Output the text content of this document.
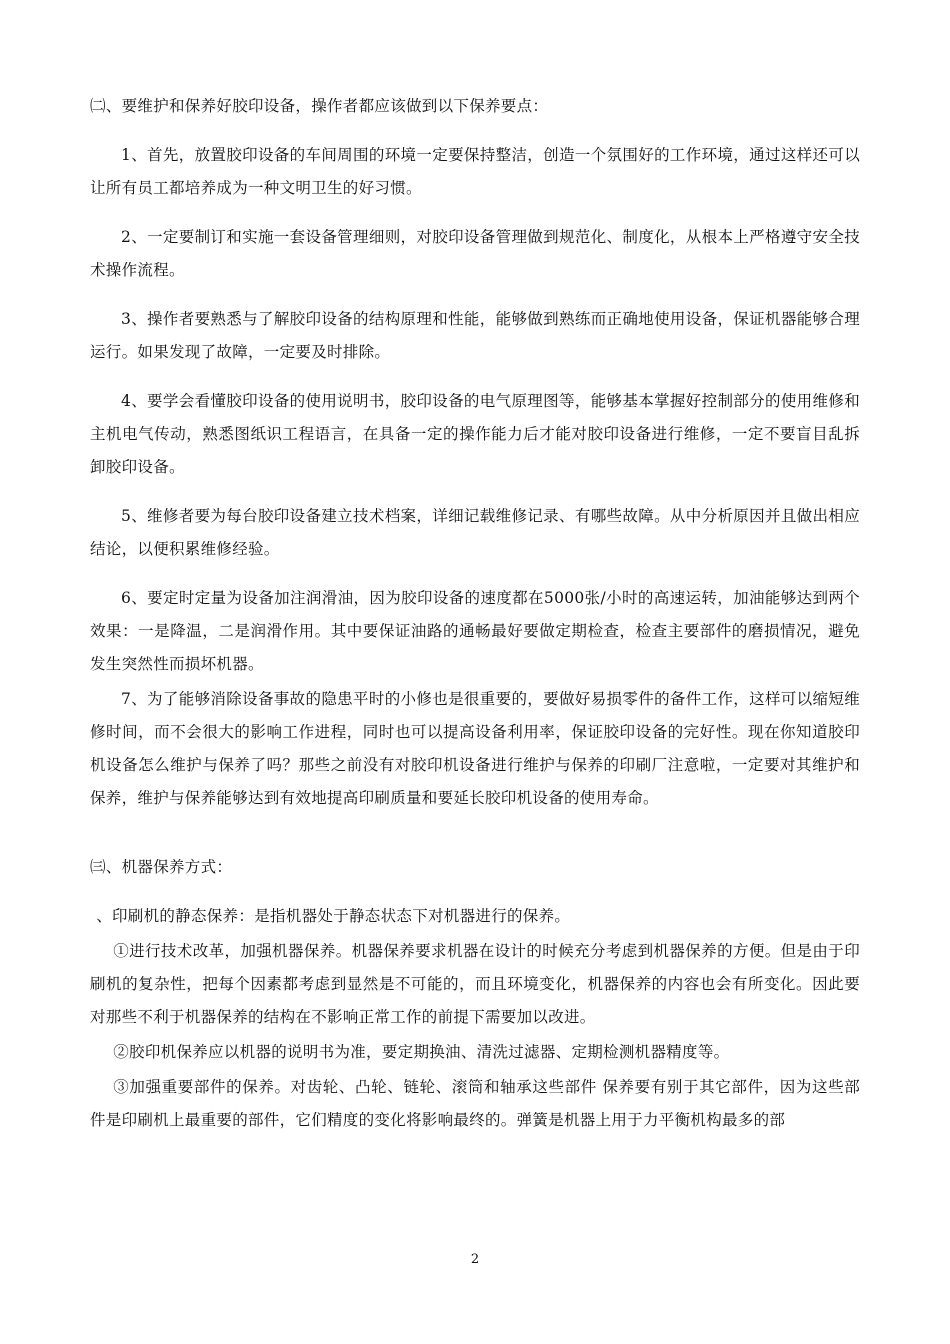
㈡、要维护和保养好胶印设备，操作者都应该做到以下保养要点：

1、首先，放置胶印设备的车间周围的环境一定要保持整洁，创造一个氛围好的工作环境，通过这样还可以让所有员工都培养成为一种文明卫生的好习惯。

2、一定要制订和实施一套设备管理细则，对胶印设备管理做到规范化、制度化，从根本上严格遵守安全技术操作流程。

3、操作者要熟悉与了解胶印设备的结构原理和性能，能够做到熟练而正确地使用设备，保证机器能够合理运行。如果发现了故障，一定要及时排除。

4、要学会看懂胶印设备的使用说明书，胶印设备的电气原理图等，能够基本掌握好控制部分的使用维修和主机电气传动，熟悉图纸识工程语言，在具备一定的操作能力后才能对胶印设备进行维修，一定不要盲目乱拆卸胶印设备。

5、维修者要为每台胶印设备建立技术档案，详细记载维修记录、有哪些故障。从中分析原因并且做出相应结论，以便积累维修经验。

6、要定时定量为设备加注润滑油，因为胶印设备的速度都在5000张/小时的高速运转，加油能够达到两个效果：一是降温，二是润滑作用。其中要保证油路的通畅最好要做定期检查，检查主要部件的磨损情况，避免发生突然性而损坏机器。

7、为了能够消除设备事故的隐患平时的小修也是很重要的，要做好易损零件的备件工作，这样可以缩短维修时间，而不会很大的影响工作进程，同时也可以提高设备利用率，保证胶印设备的完好性。现在你知道胶印机设备怎么维护与保养了吗？那些之前没有对胶印机设备进行维护与保养的印刷厂注意啦，一定要对其维护和保养，维护与保养能够达到有效地提高印刷质量和要延长胶印机设备的使用寿命。

㈢、机器保养方式：

、印刷机的静态保养：是指机器处于静态状态下对机器进行的保养。

①进行技术改革，加强机器保养。机器保养要求机器在设计的时候充分考虑到机器保养的方便。但是由于印刷机的复杂性，把每个因素都考虑到显然是不可能的，而且环境变化，机器保养的内容也会有所变化。因此要对那些不利于机器保养的结构在不影响正常工作的前提下需要加以改进。

②胶印机保养应以机器的说明书为准，要定期换油、清洗过滤器、定期检测机器精度等。

③加强重要部件的保养。对齿轮、凸轮、链轮、滚筒和轴承这些部件 保养要有别于其它部件，因为这些部件是印刷机上最重要的部件，它们精度的变化将影响最终的。弹簧是机器上用于力平衡机构最多的部

2
